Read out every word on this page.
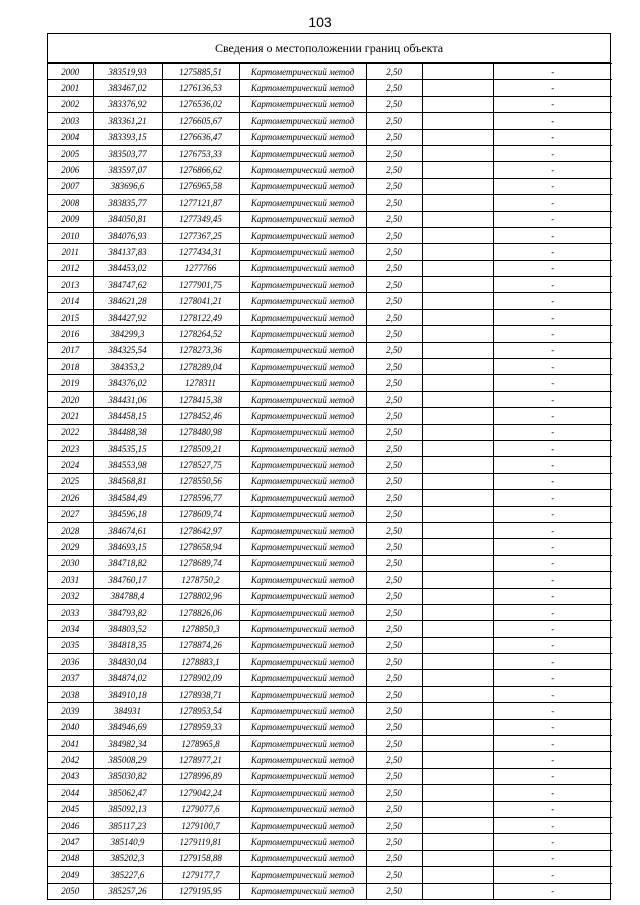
103
Сведения о местоположении границ объекта
2000	383519,93	1275885,51	Картометрический метод	2,50		-
2001	383467,02	1276136,53	Картометрический метод	2,50		-
2002	383376,92	1276536,02	Картометрический метод	2,50		-
2003	383361,21	1276605,67	Картометрический метод	2,50		-
2004	383393,15	1276636,47	Картометрический метод	2,50		-
2005	383503,77	1276753,33	Картометрический метод	2,50		-
2006	383597,07	1276866,62	Картометрический метод	2,50		-
2007	383696,6	1276965,58	Картометрический метод	2,50		-
2008	383835,77	1277121,87	Картометрический метод	2,50		-
2009	384050,81	1277349,45	Картометрический метод	2,50		-
2010	384076,93	1277367,25	Картометрический метод	2,50		-
2011	384137,83	1277434,31	Картометрический метод	2,50		-
2012	384453,02	1277766	Картометрический метод	2,50		-
2013	384747,62	1277901,75	Картометрический метод	2,50		-
2014	384621,28	1278041,21	Картометрический метод	2,50		-
2015	384427,92	1278122,49	Картометрический метод	2,50		-
2016	384299,3	1278264,52	Картометрический метод	2,50		-
2017	384325,54	1278273,36	Картометрический метод	2,50		-
2018	384353,2	1278289,04	Картометрический метод	2,50		-
2019	384376,02	1278311	Картометрический метод	2,50		-
2020	384431,06	1278415,38	Картометрический метод	2,50		-
2021	384458,15	1278452,46	Картометрический метод	2,50		-
2022	384488,38	1278480,98	Картометрический метод	2,50		-
2023	384535,15	1278509,21	Картометрический метод	2,50		-
2024	384553,98	1278527,75	Картометрический метод	2,50		-
2025	384568,81	1278550,56	Картометрический метод	2,50		-
2026	384584,49	1278596,77	Картометрический метод	2,50		-
2027	384596,18	1278609,74	Картометрический метод	2,50		-
2028	384674,61	1278642,97	Картометрический метод	2,50		-
2029	384693,15	1278658,94	Картометрический метод	2,50		-
2030	384718,82	1278689,74	Картометрический метод	2,50		-
2031	384760,17	1278750,2	Картометрический метод	2,50		-
2032	384788,4	1278802,96	Картометрический метод	2,50		-
2033	384793,82	1278826,06	Картометрический метод	2,50		-
2034	384803,52	1278850,3	Картометрический метод	2,50		-
2035	384818,35	1278874,26	Картометрический метод	2,50		-
2036	384830,04	1278883,1	Картометрический метод	2,50		-
2037	384874,02	1278902,09	Картометрический метод	2,50		-
2038	384910,18	1278938,71	Картометрический метод	2,50		-
2039	384931	1278953,54	Картометрический метод	2,50		-
2040	384946,69	1278959,33	Картометрический метод	2,50		-
2041	384982,34	1278965,8	Картометрический метод	2,50		-
2042	385008,29	1278977,21	Картометрический метод	2,50		-
2043	385030,82	1278996,89	Картометрический метод	2,50		-
2044	385062,47	1279042,24	Картометрический метод	2,50		-
2045	385092,13	1279077,6	Картометрический метод	2,50		-
2046	385117,23	1279100,7	Картометрический метод	2,50		-
2047	385140,9	1279119,81	Картометрический метод	2,50		-
2048	385202,3	1279158,88	Картометрический метод	2,50		-
2049	385227,6	1279177,7	Картометрический метод	2,50		-
2050	385257,26	1279195,95	Картометрический метод	2,50		-
